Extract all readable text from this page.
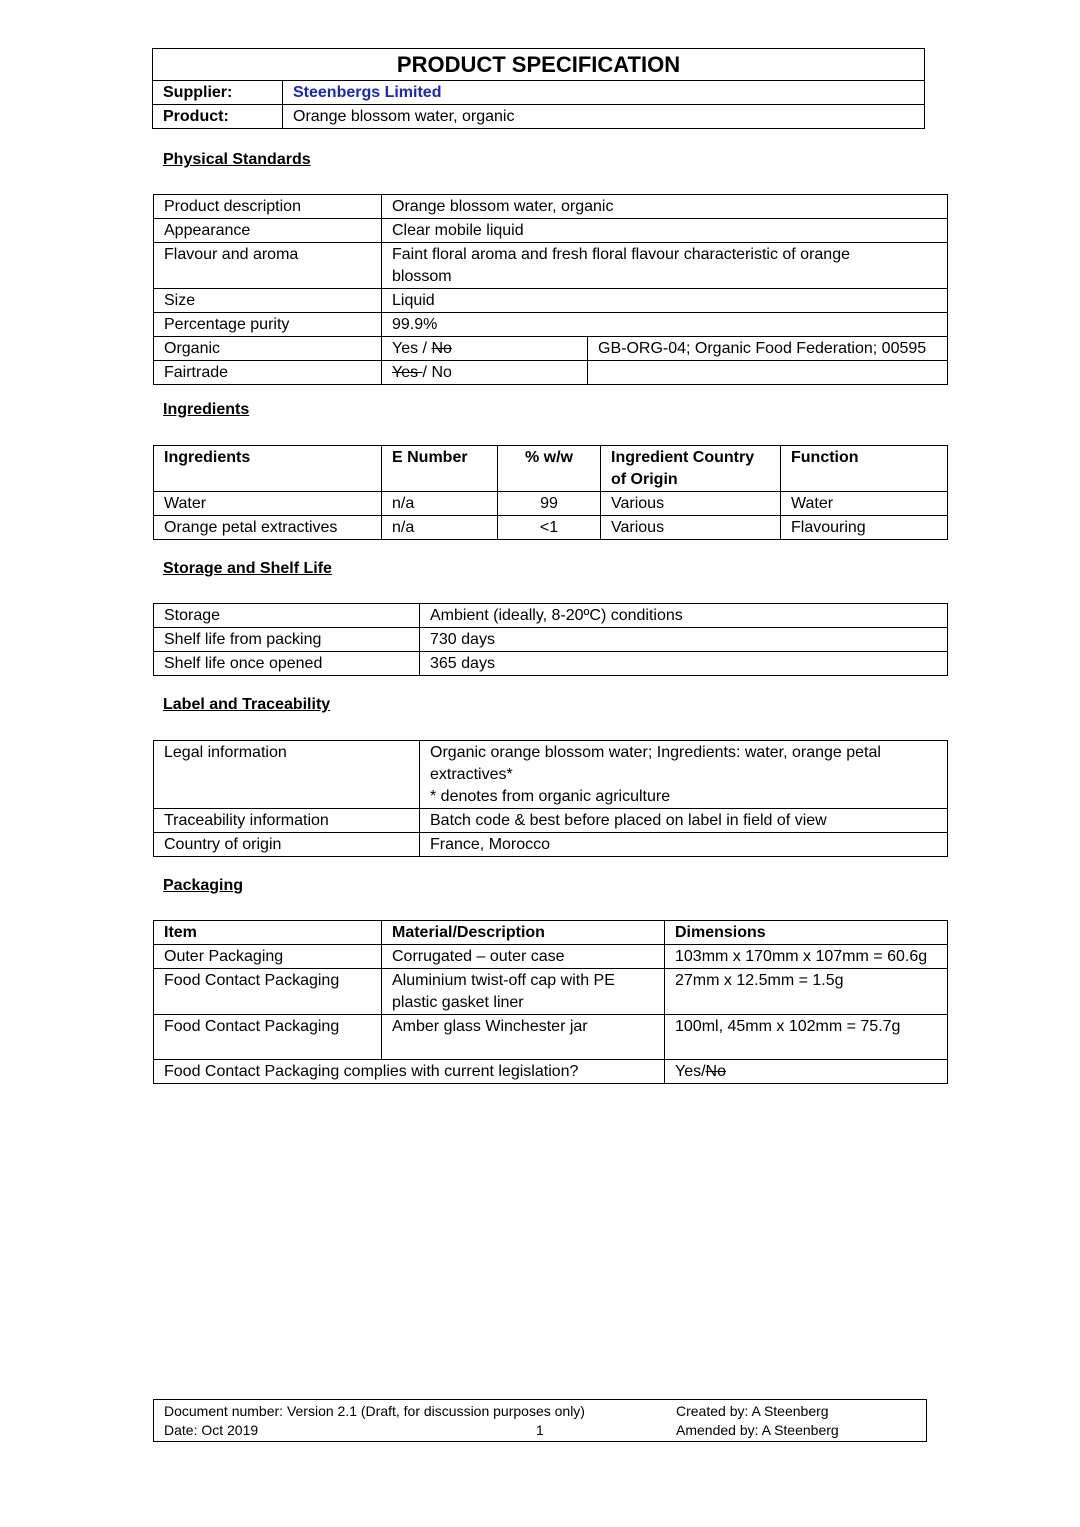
PRODUCT SPECIFICATION	
Supplier:	Steenbergs Limited
Product:	Orange blossom water, organic
Physical Standards
Product description	Orange blossom water, organic	
Appearance	Clear mobile liquid	
Flavour and aroma	Faint floral aroma and fresh floral flavour characteristic of orange blossom	
Size	Liquid	
Percentage purity	99.9%	
Organic	Yes / No	GB-ORG-04; Organic Food Federation; 00595
Fairtrade	Yes / No	
Ingredients
Ingredients	E Number	% w/w	Ingredient Country of Origin	Function
Water	n/a	99	Various	Water
Orange petal extractives	n/a	<1	Various	Flavouring
Storage and Shelf Life
Storage	Ambient (ideally, 8-20ºC) conditions
Shelf life from packing	730 days
Shelf life once opened	365 days
Label and Traceability
Legal information	Organic orange blossom water; Ingredients: water, orange petal extractives*
* denotes from organic agriculture

Traceability information	Batch code & best before placed on label in field of view
Country of origin	France, Morocco
Packaging
Item	Material/Description	Dimensions
Outer Packaging	Corrugated – outer case	103mm x 170mm x 107mm = 60.6g
Food Contact Packaging	Aluminium twist-off cap with PE plastic gasket liner	27mm x 12.5mm = 1.5g
Food Contact Packaging	Amber glass Winchester jar	100ml, 45mm x 102mm = 75.7g
Food Contact Packaging complies with current legislation?		Yes/No
Document number: Version 2.1 (Draft, for discussion purposes only)
Date: Oct 2019	1
Created by: A Steenberg
Amended by: A Steenberg
